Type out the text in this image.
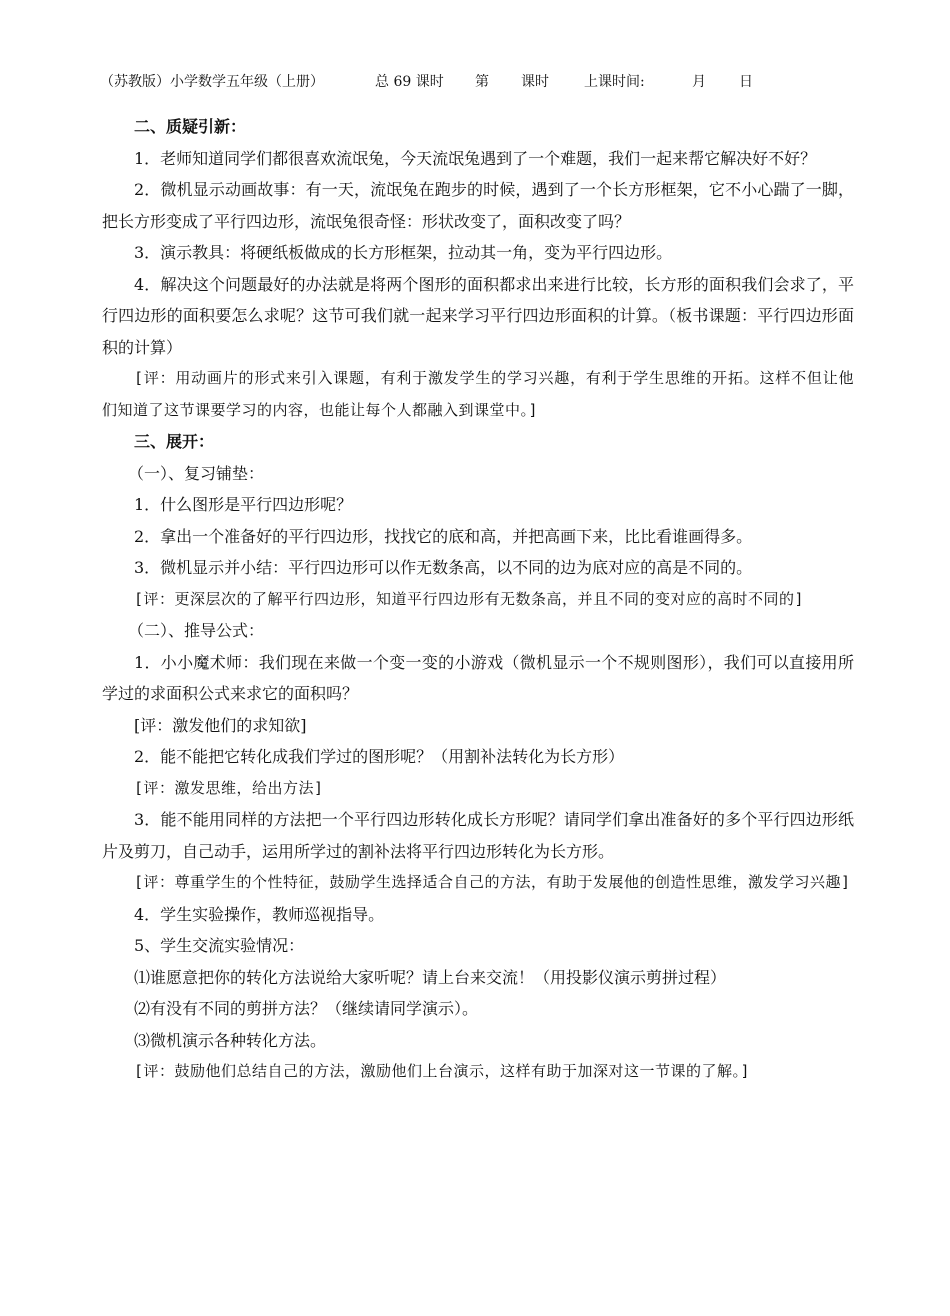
（苏教版）小学数学五年级（上册）	总 69 课时 第 课时	上课时间:	月 日

二、质疑引新：

1．老师知道同学们都很喜欢流氓兔，今天流氓兔遇到了一个难题，我们一起来帮它解决好不好？

2．微机显示动画故事：有一天，流氓兔在跑步的时候，遇到了一个长方形框架，它不小心踹了一脚，把长方形变成了平行四边形，流氓兔很奇怪：形状改变了，面积改变了吗？

3．演示教具：将硬纸板做成的长方形框架，拉动其一角，变为平行四边形。

4．解决这个问题最好的办法就是将两个图形的面积都求出来进行比较，长方形的面积我们会求了，平行四边形的面积要怎么求呢？这节可我们就一起来学习平行四边形面积的计算。（板书课题：平行四边形面积的计算）

[评：用动画片的形式来引入课题，有利于激发学生的学习兴趣，有利于学生思维的开拓。这样不但让他们知道了这节课要学习的内容，也能让每个人都融入到课堂中。]

三、展开：

（一）、复习铺垫：

1．什么图形是平行四边形呢？

2．拿出一个准备好的平行四边形，找找它的底和高，并把高画下来，比比看谁画得多。

3．微机显示并小结：平行四边形可以作无数条高，以不同的边为底对应的高是不同的。

[评：更深层次的了解平行四边形，知道平行四边形有无数条高，并且不同的变对应的高时不同的]

（二）、推导公式：

1．小小魔术师：我们现在来做一个变一变的小游戏（微机显示一个不规则图形），我们可以直接用所学过的求面积公式来求它的面积吗？

[评：激发他们的求知欲]

2．能不能把它转化成我们学过的图形呢？（用割补法转化为长方形）

[评：激发思维，给出方法]

3．能不能用同样的方法把一个平行四边形转化成长方形呢？请同学们拿出准备好的多个平行四边形纸片及剪刀，自己动手，运用所学过的割补法将平行四边形转化为长方形。

[评：尊重学生的个性特征，鼓励学生选择适合自己的方法，有助于发展他的创造性思维，激发学习兴趣]

4．学生实验操作，教师巡视指导。

5、学生交流实验情况：

⑴谁愿意把你的转化方法说给大家听呢？请上台来交流！（用投影仪演示剪拼过程）

⑵有没有不同的剪拼方法？（继续请同学演示）。

⑶微机演示各种转化方法。

[评：鼓励他们总结自己的方法，激励他们上台演示，这样有助于加深对这一节课的了解。]
